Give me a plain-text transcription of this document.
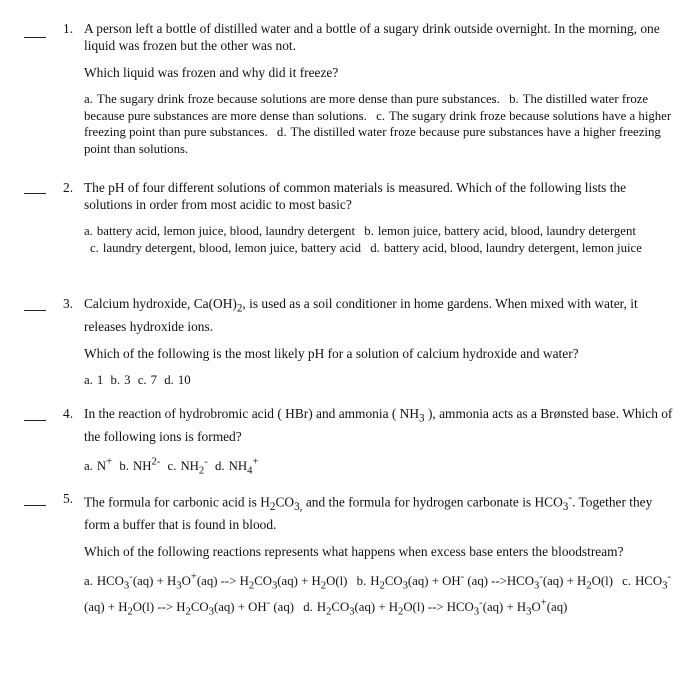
1. A person left a bottle of distilled water and a bottle of a sugary drink outside overnight. In the morning, one liquid was frozen but the other was not.
Which liquid was frozen and why did it freeze?
a. The sugary drink froze because solutions are more dense than pure substances. b. The distilled water froze because pure substances are more dense than solutions. c. The sugary drink froze because solutions have a higher freezing point than pure substances. d. The distilled water froze because pure substances have a higher freezing point than solutions.
2. The pH of four different solutions of common materials is measured. Which of the following lists the solutions in order from most acidic to most basic?
a. battery acid, lemon juice, blood, laundry detergent b. lemon juice, battery acid, blood, laundry detergent c. laundry detergent, blood, lemon juice, battery acid d. battery acid, blood, laundry detergent, lemon juice
3. Calcium hydroxide, $Ca(OH)_2$, is used as a soil conditioner in home gardens. When mixed with water, it releases hydroxide ions.
Which of the following is the most likely pH for a solution of calcium hydroxide and water?
a. 1 b. 3 c. 7 d. 10
4. In the reaction of hydrobromic acid ( HBr) and ammonia ( $NH_3$ ), ammonia acts as a Brønsted base. Which of the following ions is formed?
a. N+ b. $NH^{2-}$ c. $NH_2^-$ d. $NH_4^+$
5. The formula for carbonic acid is $H_2CO_{3,}$ and the formula for hydrogen carbonate is $HCO_3^-$. Together they form a buffer that is found in blood.
Which of the following reactions represents what happens when excess base enters the bloodstream?
a. $HCO_3^-(aq) + H_3O^+(aq)$ --> $H_2CO_3(aq) + H_2O(l)$ b. $H_2CO_3(aq) + OH^-$ (aq) $-->HCO_3^-(aq) + H_2O(l)$ c. $HCO_3^-(aq) + H_2O(l)$ --> $H_2CO_3(aq) + OH^-$ (aq) d. $H_2CO_3(aq) + H_2O(l)$ --> $HCO_3^-(aq) + H_3O^+(aq)$
